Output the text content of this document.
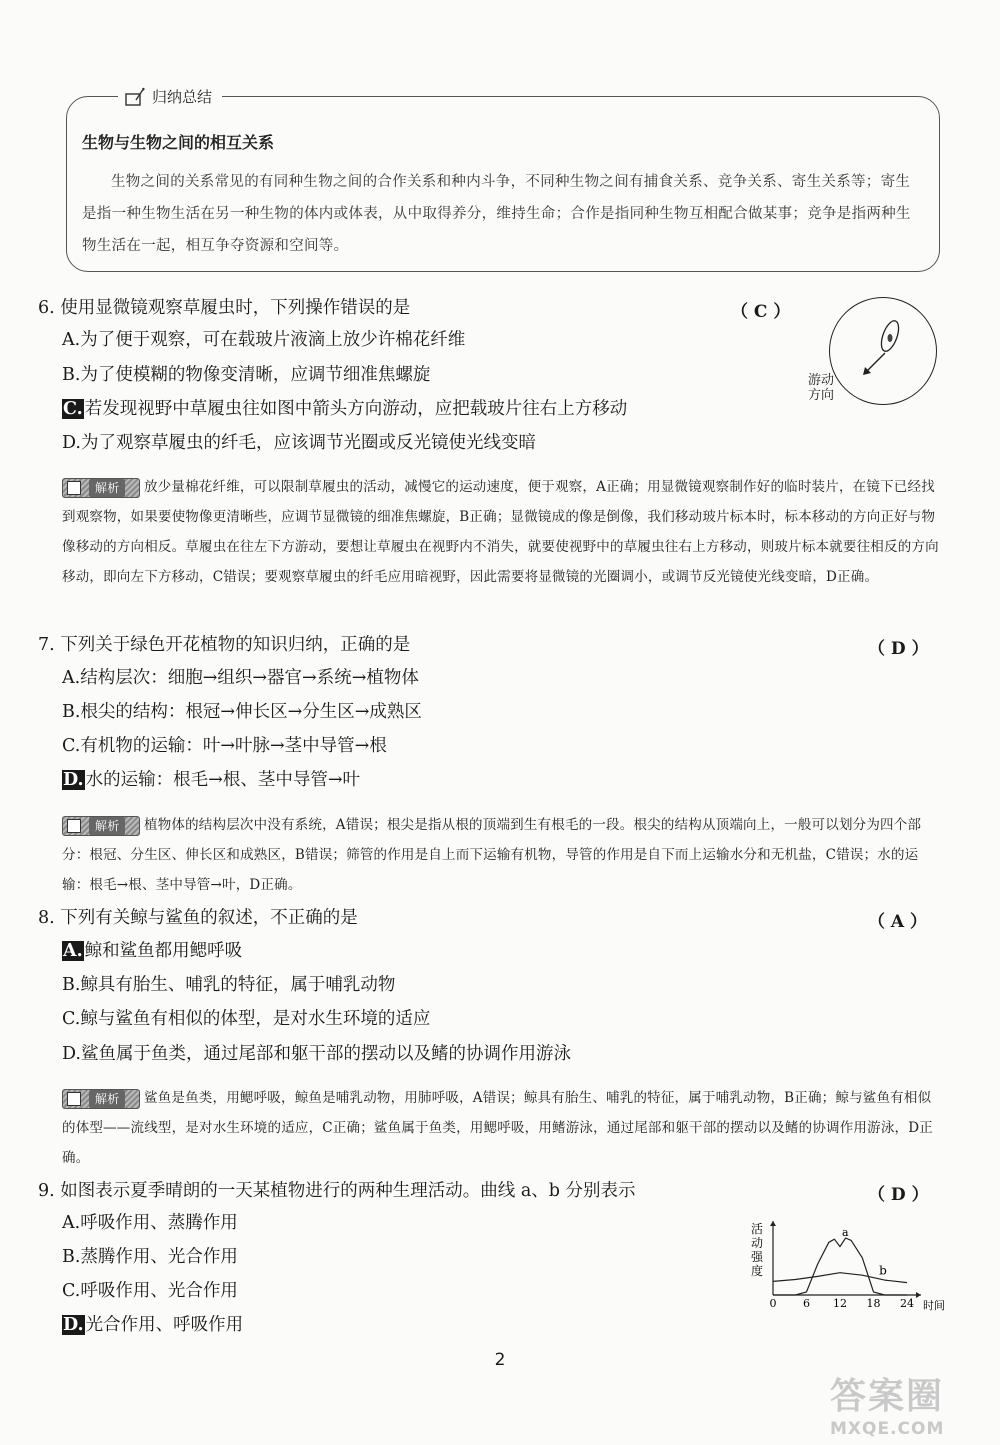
归纳总结
生物与生物之间的相互关系
生物之间的关系常见的有同种生物之间的合作关系和种内斗争，不同种生物之间有捕食关系、竞争关系、寄生关系等；寄生是指一种生物生活在另一种生物的体内或体表，从中取得养分，维持生命；合作是指同种生物互相配合做某事；竞争是指两种生物生活在一起，相互争夺资源和空间等。
6. 使用显微镜观察草履虫时，下列操作错误的是	（ C ）
A.为了便于观察，可在载玻片液滴上放少许棉花纤维
B.为了使模糊的物像变清晰，应调节细准焦螺旋
C. 若发现视野中草履虫往如图中箭头方向游动，应把载玻片往右上方移动
D.为了观察草履虫的纤毛，应该调节光圈或反光镜使光线变暗
游动
方向
解析	放少量棉花纤维，可以限制草履虫的活动，减慢它的运动速度，便于观察，A正确；用显微镜观察制作好的临时装片，在镜下已经找到观察物，如果要使物像更清晰些，应调节显微镜的细准焦螺旋，B正确；显微镜成的像是倒像，我们移动玻片标本时，标本移动的方向正好与物像移动的方向相反。草履虫在往左下方游动，要想让草履虫在视野内不消失，就要使视野中的草履虫往右上方移动，则玻片标本就要往相反的方向移动，即向左下方移动，C错误；要观察草履虫的纤毛应用暗视野，因此需要将显微镜的光圈调小，或调节反光镜使光线变暗，D正确。
7. 下列关于绿色开花植物的知识归纳，正确的是	（ D ）
A.结构层次：细胞→组织→器官→系统→植物体
B.根尖的结构：根冠→伸长区→分生区→成熟区
C.有机物的运输：叶→叶脉→茎中导管→根
D. 水的运输：根毛→根、茎中导管→叶
解析	植物体的结构层次中没有系统，A错误；根尖是指从根的顶端到生有根毛的一段。根尖的结构从顶端向上，一般可以划分为四个部分：根冠、分生区、伸长区和成熟区，B错误；筛管的作用是自上而下运输有机物，导管的作用是自下而上运输水分和无机盐，C错误；水的运输：根毛→根、茎中导管→叶，D正确。
8. 下列有关鲸与鲨鱼的叙述，不正确的是	（ A ）
A. 鲸和鲨鱼都用鳃呼吸
B.鲸具有胎生、哺乳的特征，属于哺乳动物
C.鲸与鲨鱼有相似的体型，是对水生环境的适应
D.鲨鱼属于鱼类，通过尾部和躯干部的摆动以及鳍的协调作用游泳
解析	鲨鱼是鱼类，用鳃呼吸，鲸鱼是哺乳动物，用肺呼吸，A错误；鲸具有胎生、哺乳的特征，属于哺乳动物，B正确；鲸与鲨鱼有相似的体型——流线型，是对水生环境的适应，C正确；鲨鱼属于鱼类，用鳃呼吸，用鳍游泳，通过尾部和躯干部的摆动以及鳍的协调作用游泳，D正确。
9. 如图表示夏季晴朗的一天某植物进行的两种生理活动。曲线 a、b 分别表示	（ D ）
A.呼吸作用、蒸腾作用
B.蒸腾作用、光合作用
C.呼吸作用、光合作用
D. 光合作用、呼吸作用
0 6 12 18 24 时间
活
动
强
度
a
b
2
答案圈
MXQE.COM
